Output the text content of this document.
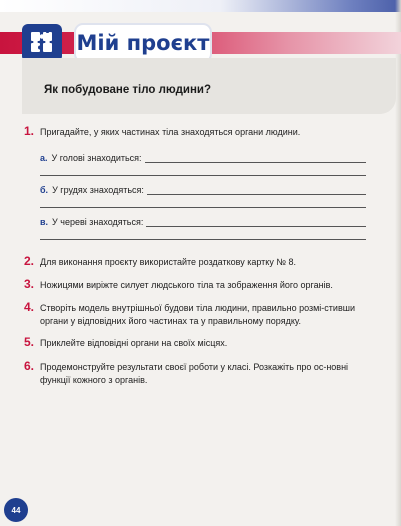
Мій проєкт
Як побудоване тіло людини?
1. Пригадайте, у яких частинах тіла знаходяться органи людини.
а. У голові знаходиться:
б. У грудях знаходяться:
в. У череві знаходяться:
2. Для виконання проєкту використайте роздаткову картку № 8.
3. Ножицями виріжте силует людського тіла та зображення його органів.
4. Створіть модель внутрішньої будови тіла людини, правильно розмі-стивши органи у відповідних його частинах та у правильному порядку.
5. Приклейте відповідні органи на своїх місцях.
6. Продемонструйте результати своєї роботи у класі. Розкажіть про ос-новні функції кожного з органів.
44
